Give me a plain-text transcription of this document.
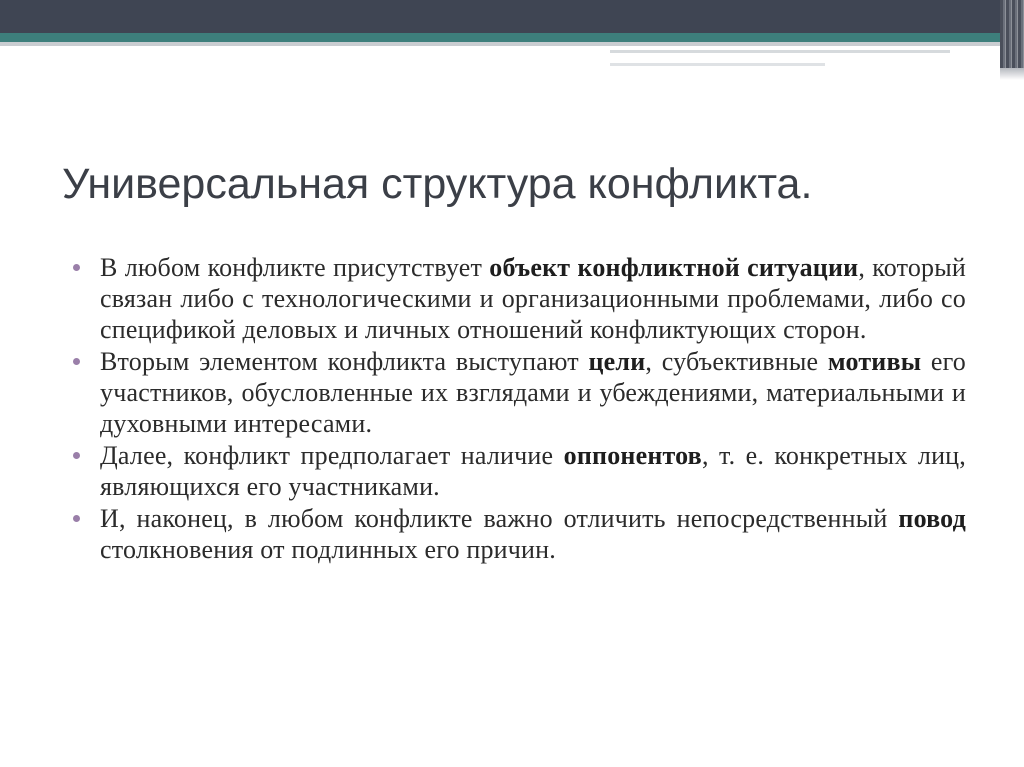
Универсальная структура конфликта.
В любом конфликте присутствует объект конфликтной ситуации, который связан либо с технологическими и организационными проблемами, либо со спецификой деловых и личных отношений конфликтующих сторон.
Вторым элементом конфликта выступают цели, субъективные мотивы его участников, обусловленные их взглядами и убеждениями, материальными и духовными интересами.
Далее, конфликт предполагает наличие оппонентов, т. е. конкретных лиц, являющихся его участниками.
И, наконец, в любом конфликте важно отличить непосредственный повод столкновения от подлинных его причин.
